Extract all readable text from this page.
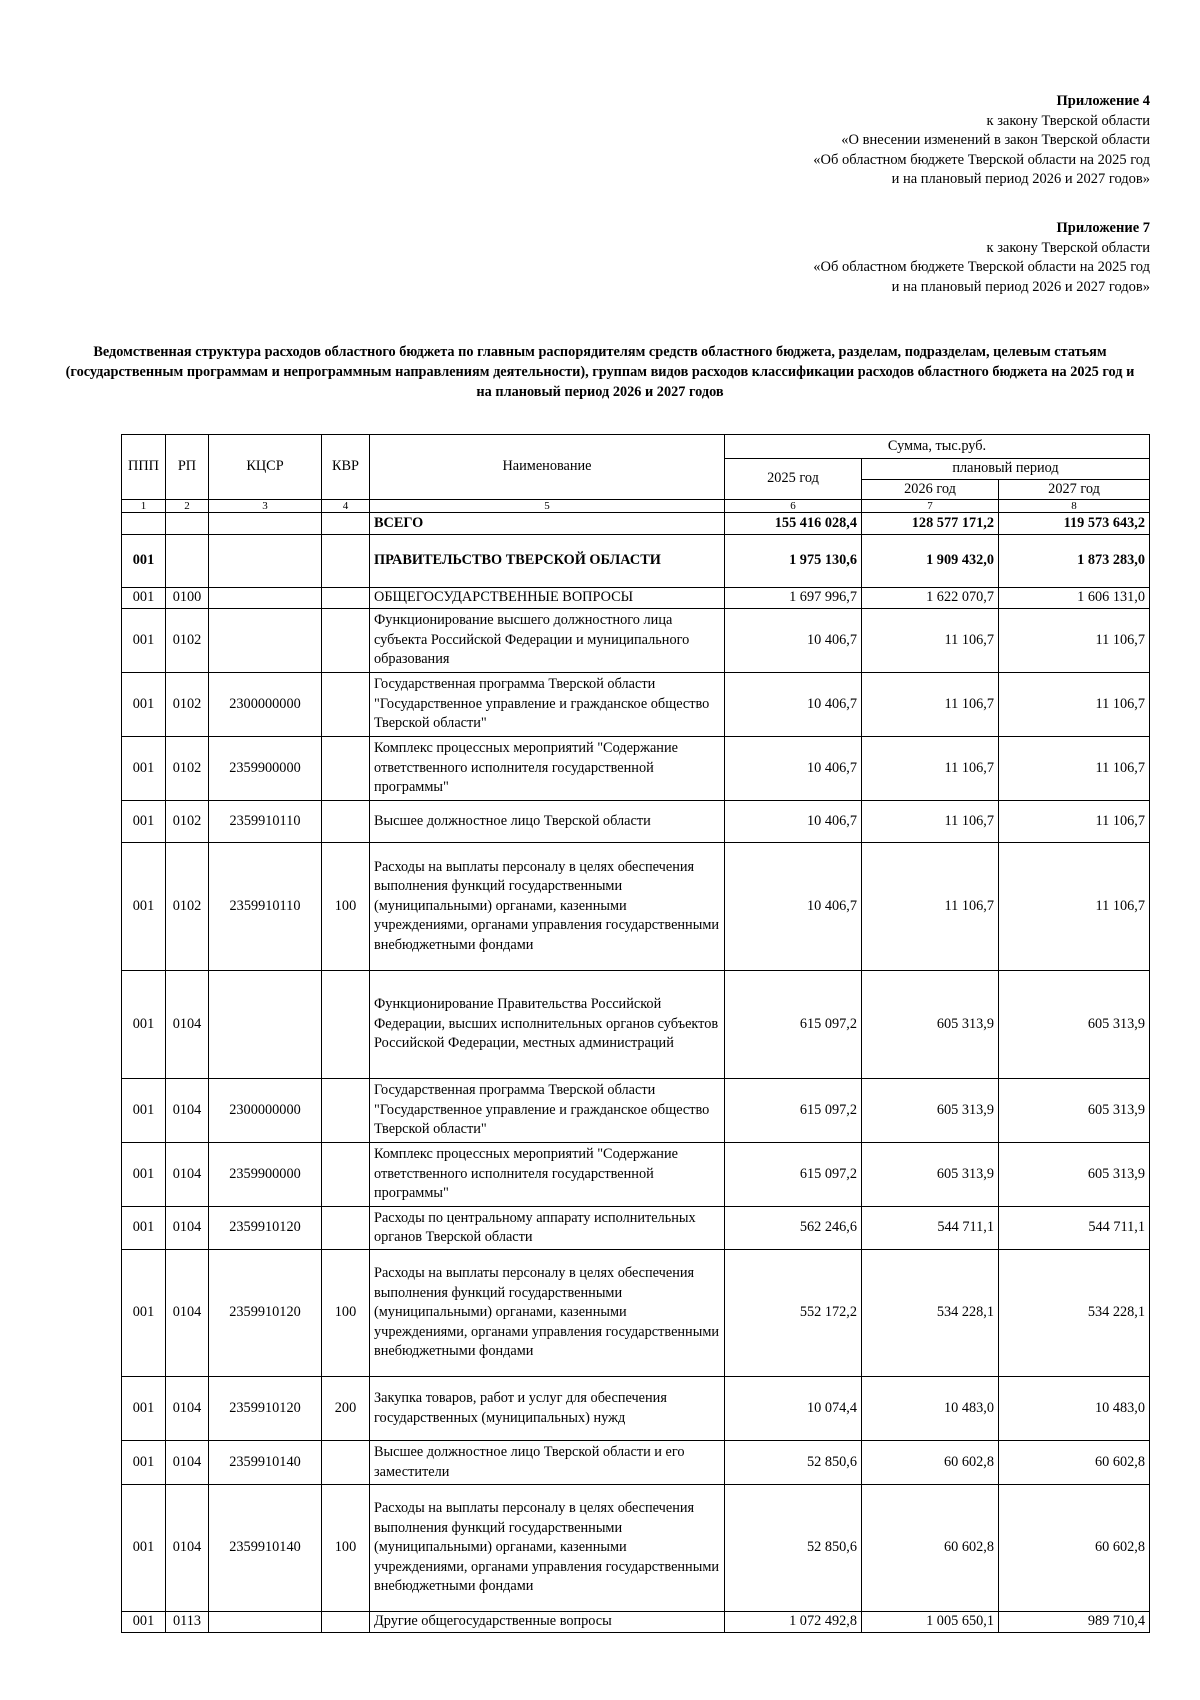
Приложение 4
к закону Тверской области
«О внесении изменений в закон Тверской области
«Об областном бюджете Тверской области на 2025 год
и на плановый период 2026 и 2027 годов»
Приложение 7
к закону Тверской области
«Об областном бюджете Тверской области на 2025 год
и на плановый период 2026 и 2027 годов»
Ведомственная структура расходов областного бюджета по главным распорядителям средств областного бюджета, разделам, подразделам, целевым статьям (государственным программам и непрограммным направлениям деятельности), группам видов расходов классификации расходов областного бюджета на 2025 год и на плановый период 2026 и 2027 годов
ППП	РП	КЦСР	КВР	Наименование	Сумма, тыс.руб.		
					2025 год	плановый период	
						2026 год	2027 год
1	2	3	4	5	6	7	8
				ВСЕГО	155 416 028,4	128 577 171,2	119 573 643,2
001				ПРАВИТЕЛЬСТВО ТВЕРСКОЙ ОБЛАСТИ	1 975 130,6	1 909 432,0	1 873 283,0
001	0100			ОБЩЕГОСУДАРСТВЕННЫЕ ВОПРОСЫ	1 697 996,7	1 622 070,7	1 606 131,0
001	0102			Функционирование высшего должностного лица субъекта Российской Федерации и муниципального образования	10 406,7	11 106,7	11 106,7
001	0102	2300000000		Государственная программа Тверской области "Государственное управление и гражданское общество Тверской области"	10 406,7	11 106,7	11 106,7
001	0102	2359900000		Комплекс процессных мероприятий "Содержание ответственного исполнителя государственной программы"	10 406,7	11 106,7	11 106,7
001	0102	2359910110		Высшее должностное лицо Тверской области	10 406,7	11 106,7	11 106,7
001	0102	2359910110	100	Расходы на выплаты персоналу в целях обеспечения выполнения функций государственными (муниципальными) органами, казенными учреждениями, органами управления государственными внебюджетными фондами	10 406,7	11 106,7	11 106,7
001	0104			Функционирование Правительства Российской Федерации, высших исполнительных органов субъектов Российской Федерации, местных администраций	615 097,2	605 313,9	605 313,9
001	0104	2300000000		Государственная программа Тверской области "Государственное управление и гражданское общество Тверской области"	615 097,2	605 313,9	605 313,9
001	0104	2359900000		Комплекс процессных мероприятий "Содержание ответственного исполнителя государственной программы"	615 097,2	605 313,9	605 313,9
001	0104	2359910120		Расходы по центральному аппарату исполнительных органов Тверской области	562 246,6	544 711,1	544 711,1
001	0104	2359910120	100	Расходы на выплаты персоналу в целях обеспечения выполнения функций государственными (муниципальными) органами, казенными учреждениями, органами управления государственными внебюджетными фондами	552 172,2	534 228,1	534 228,1
001	0104	2359910120	200	Закупка товаров, работ и услуг для обеспечения государственных (муниципальных) нужд	10 074,4	10 483,0	10 483,0
001	0104	2359910140		Высшее должностное лицо Тверской области и его заместители	52 850,6	60 602,8	60 602,8
001	0104	2359910140	100	Расходы на выплаты персоналу в целях обеспечения выполнения функций государственными (муниципальными) органами, казенными учреждениями, органами управления государственными внебюджетными фондами	52 850,6	60 602,8	60 602,8
001	0113			Другие общегосударственные вопросы	1 072 492,8	1 005 650,1	989 710,4
